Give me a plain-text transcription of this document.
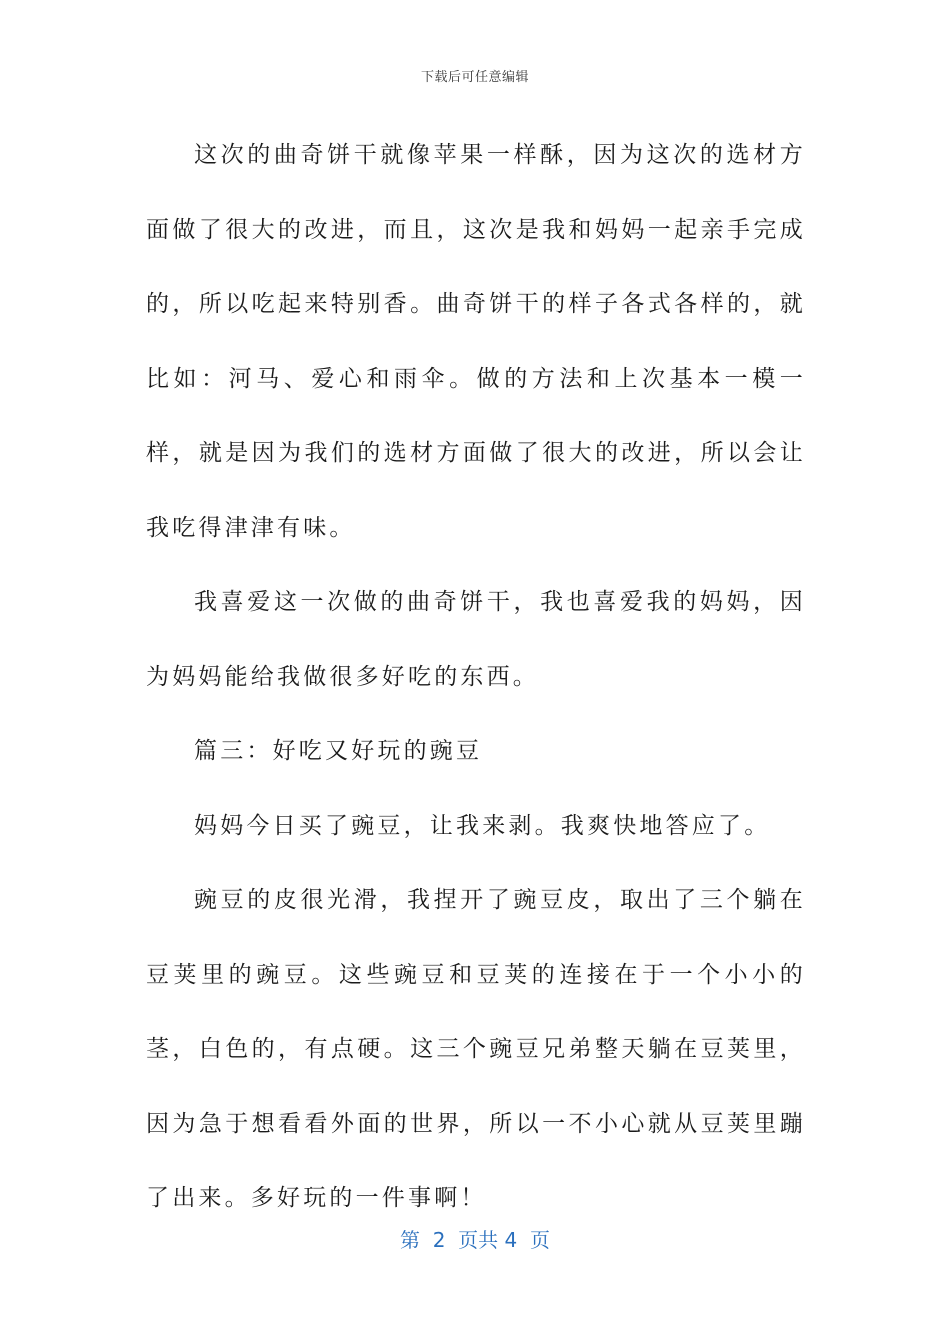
下载后可任意编辑

这次的曲奇饼干就像苹果一样酥，因为这次的选材方面做了很大的改进，而且，这次是我和妈妈一起亲手完成的，所以吃起来特别香。曲奇饼干的样子各式各样的，就比如：河马、爱心和雨伞。做的方法和上次基本一模一样，就是因为我们的选材方面做了很大的改进，所以会让我吃得津津有味。

我喜爱这一次做的曲奇饼干，我也喜爱我的妈妈，因为妈妈能给我做很多好吃的东西。

篇三：好吃又好玩的豌豆

妈妈今日买了豌豆，让我来剥。我爽快地答应了。

豌豆的皮很光滑，我捏开了豌豆皮，取出了三个躺在豆荚里的豌豆。这些豌豆和豆荚的连接在于一个小小的茎，白色的，有点硬。这三个豌豆兄弟整天躺在豆荚里，因为急于想看看外面的世界，所以一不小心就从豆荚里蹦了出来。多好玩的一件事啊！

第  2  页共 4  页
